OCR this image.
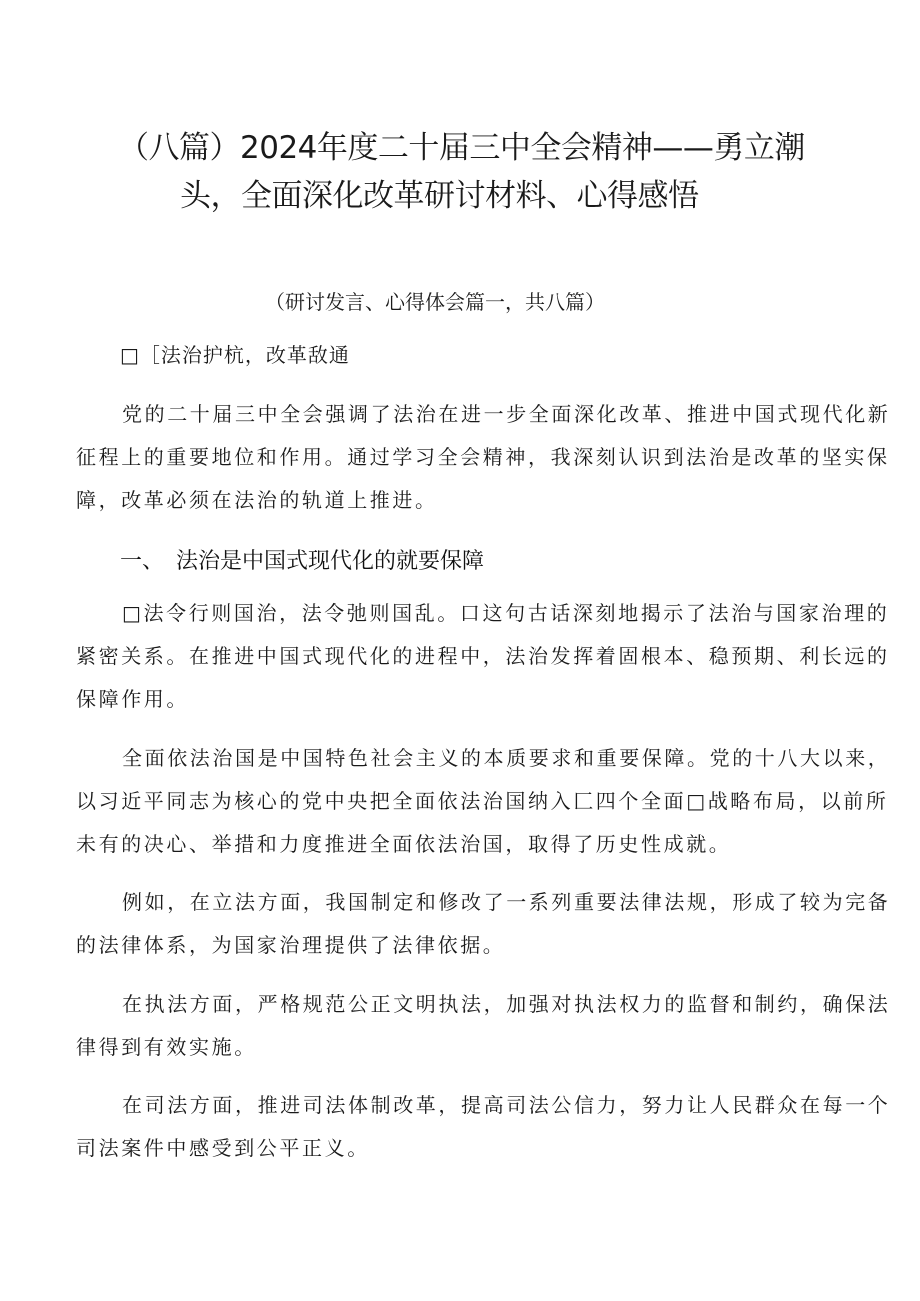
（八篇）2024年度二十届三中全会精神——勇立潮
头，全面深化改革研讨材料、心得感悟
（研讨发言、心得体会篇一，共八篇）
□［法治护杭，改革敌通
党的二十届三中全会强调了法治在进一步全面深化改革、推进中国式现代化新
征程上的重要地位和作用。通过学习全会精神，我深刻认识到法治是改革的坚实保
障，改革必须在法治的轨道上推进。
一、 法治是中国式现代化的就要保障
□法令行则国治，法令弛则国乱。口这句古话深刻地揭示了法治与国家治理的
紧密关系。在推进中国式现代化的进程中，法治发挥着固根本、稳预期、利长远的
保障作用。
全面依法治国是中国特色社会主义的本质要求和重要保障。党的十八大以来，
以习近平同志为核心的党中央把全面依法治国纳入匚四个全面□战略布局，以前所
未有的决心、举措和力度推进全面依法治国，取得了历史性成就。
例如，在立法方面，我国制定和修改了一系列重要法律法规，形成了较为完备
的法律体系，为国家治理提供了法律依据。
在执法方面，严格规范公正文明执法，加强对执法权力的监督和制约，确保法
律得到有效实施。
在司法方面，推进司法体制改革，提高司法公信力，努力让人民群众在每一个
司法案件中感受到公平正义。
